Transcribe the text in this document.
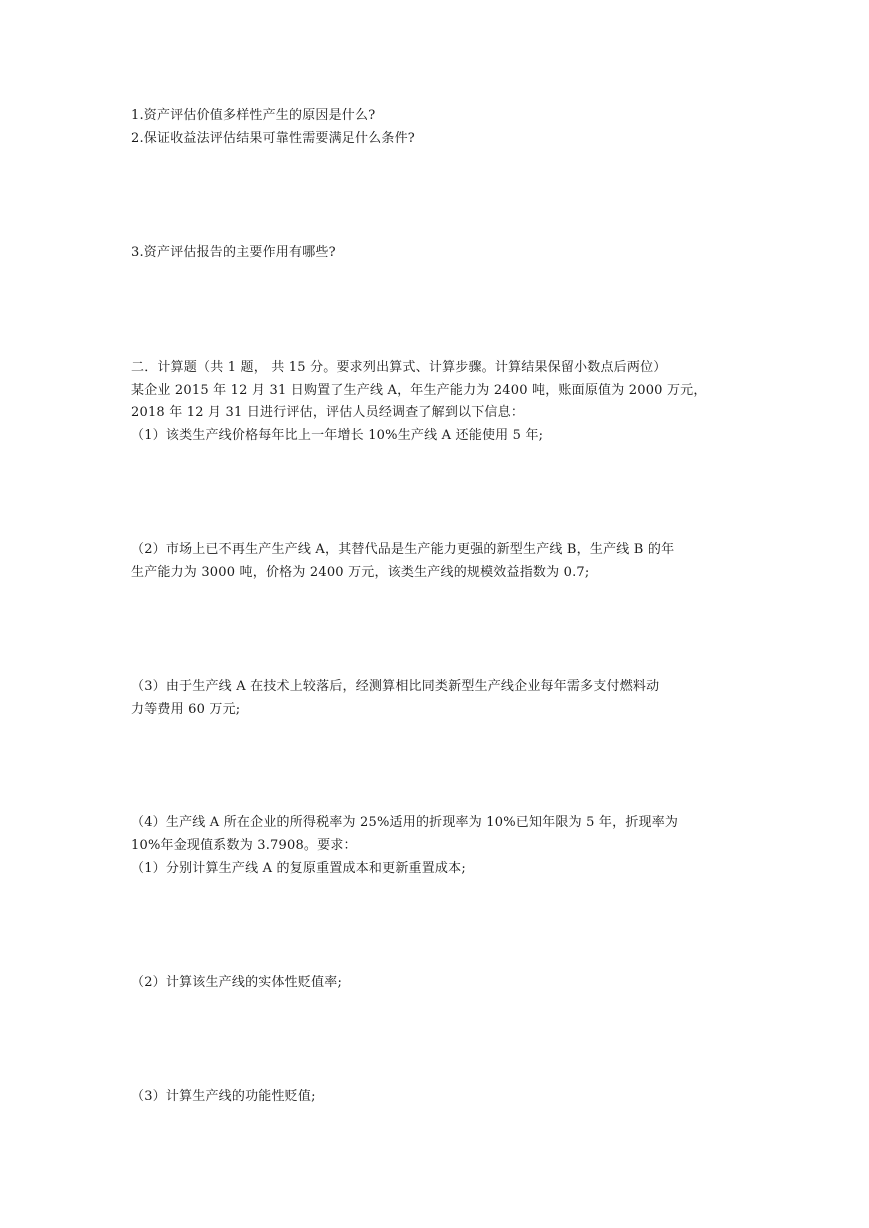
1.资产评估价值多样性产生的原因是什么?
2.保证收益法评估结果可靠性需要满足什么条件?
3.资产评估报告的主要作用有哪些?
二．计算题（共 1 题， 共 15 分。要求列出算式、计算步骤。计算结果保留小数点后两位）
某企业 2015 年 12 月 31 日购置了生产线 A，年生产能力为 2400 吨，账面原值为 2000 万元，
2018 年 12 月 31 日进行评估，评估人员经调查了解到以下信息：
（1）该类生产线价格每年比上一年增长 10%生产线 A 还能使用 5 年;
（2）市场上已不再生产生产线 A，其替代品是生产能力更强的新型生产线 B，生产线 B 的年
生产能力为 3000 吨，价格为 2400 万元，该类生产线的规模效益指数为 0.7;
（3）由于生产线 A 在技术上较落后，经测算相比同类新型生产线企业每年需多支付燃料动
力等费用 60 万元;
（4）生产线 A 所在企业的所得税率为 25%适用的折现率为 10%已知年限为 5 年，折现率为
10%年金现值系数为 3.7908。要求：
（1）分别计算生产线 A 的复原重置成本和更新重置成本;
（2）计算该生产线的实体性贬值率;
（3）计算生产线的功能性贬值;
